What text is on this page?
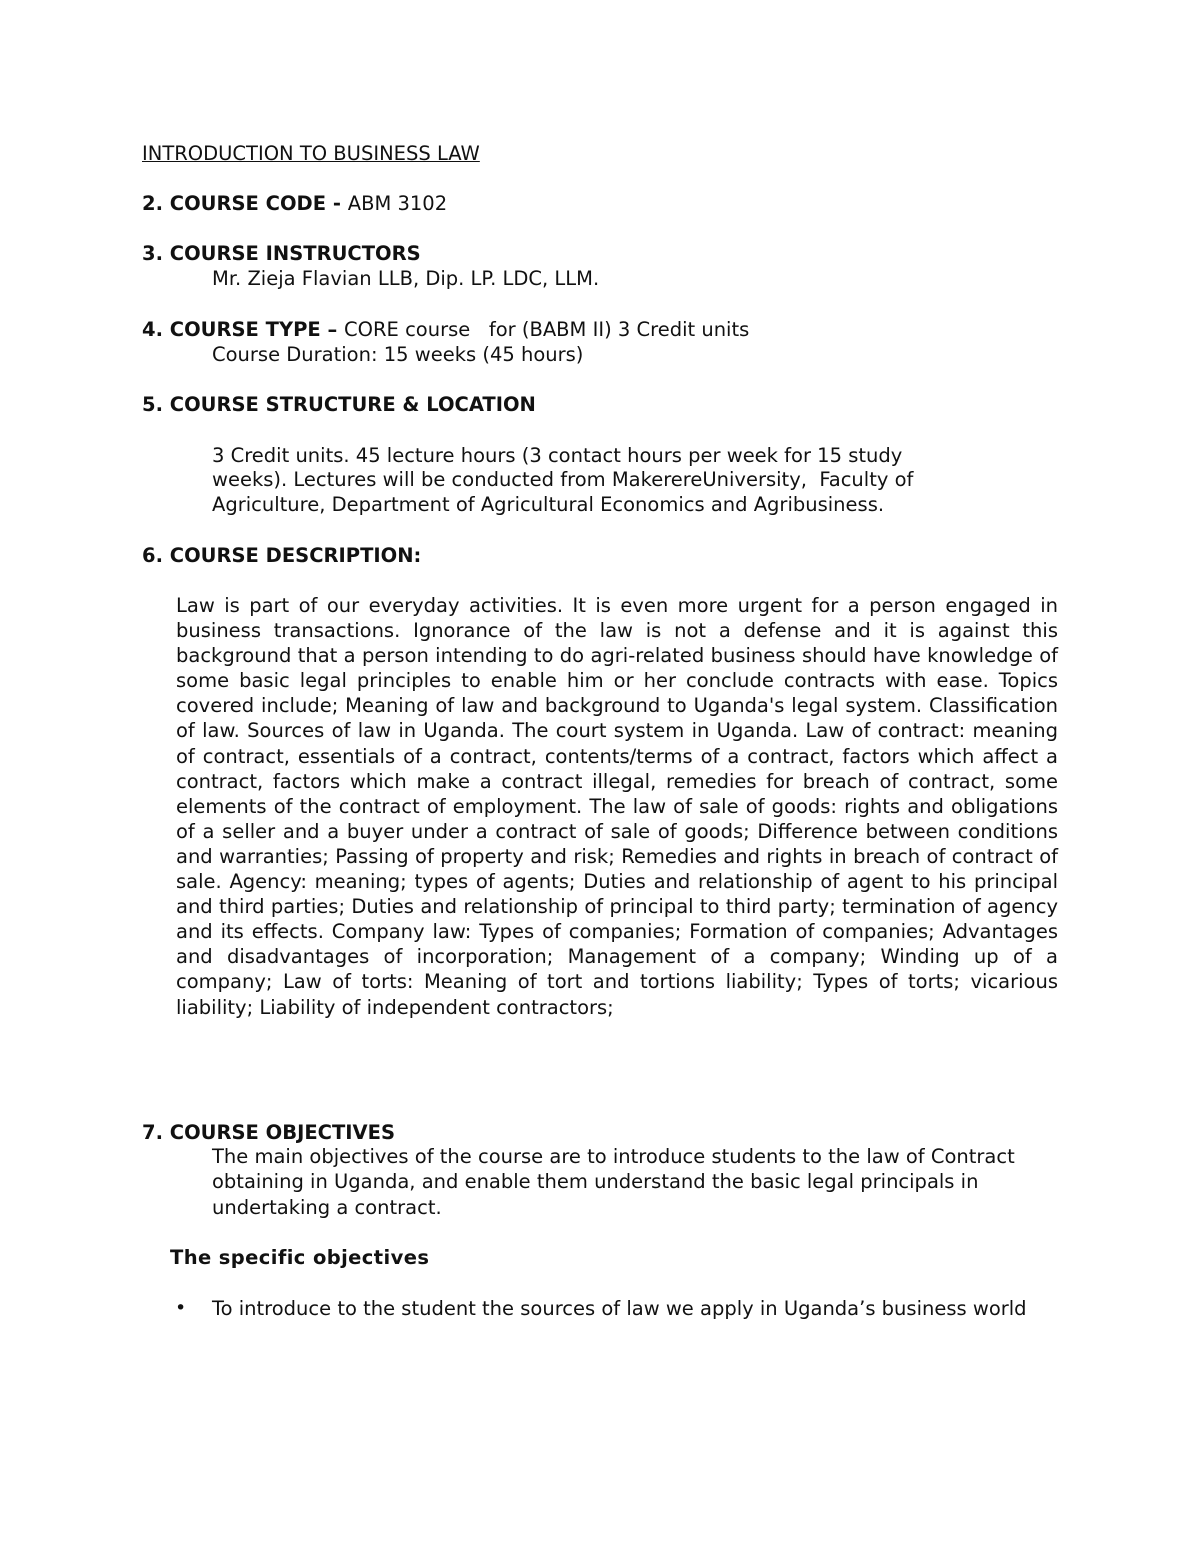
INTRODUCTION TO BUSINESS LAW
2. COURSE CODE - ABM 3102
3. COURSE INSTRUCTORS
Mr. Zieja Flavian LLB, Dip. LP. LDC, LLM.
4. COURSE TYPE – CORE course   for (BABM II) 3 Credit units
Course Duration: 15 weeks (45 hours)
5. COURSE STRUCTURE & LOCATION
3 Credit units. 45 lecture hours (3 contact hours per week for 15 study
weeks). Lectures will be conducted from MakerereUniversity,  Faculty of
Agriculture, Department of Agricultural Economics and Agribusiness.
6. COURSE DESCRIPTION:
Law is part of our everyday activities. It is even more urgent for a person engaged in business transactions. Ignorance of the law is not a defense and it is against this background that a person intending to do agri-related business should have knowledge of some basic legal principles to enable him or her conclude contracts with ease. Topics covered include; Meaning of law and background to Uganda's legal system. Classification of law. Sources of law in Uganda. The court system in Uganda. Law of contract: meaning of contract, essentials of a contract, contents/terms of a contract, factors which affect a contract, factors which make a contract illegal, remedies for breach of contract, some elements of the contract of employment. The law of sale of goods: rights and obligations of a seller and a buyer under a contract of sale of goods; Difference between conditions and warranties; Passing of property and risk; Remedies and rights in breach of contract of sale. Agency: meaning; types of agents; Duties and relationship of agent to his principal and third parties; Duties and relationship of principal to third party; termination of agency and its effects. Company law: Types of companies; Formation of companies; Advantages and disadvantages of incorporation; Management of a company; Winding up of a company; Law of torts: Meaning of tort and tortions liability; Types of torts; vicarious liability; Liability of independent contractors;
7. COURSE OBJECTIVES
The main objectives of the course are to introduce students to the law of Contract obtaining in Uganda, and enable them understand the basic legal principals in undertaking a contract.
The specific objectives
• To introduce to the student the sources of law we apply in Uganda’s business world
